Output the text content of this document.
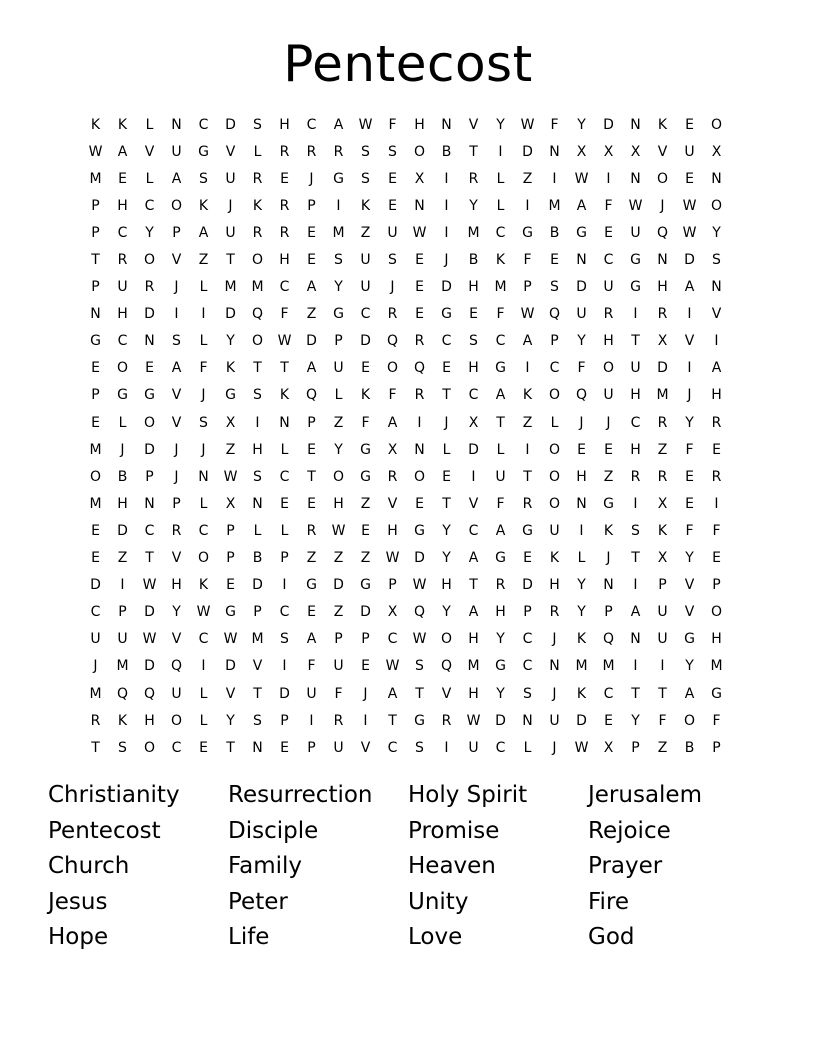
Pentecost
K	K	L	N	C	D	S	H	C	A	W	F	H	N	V	Y	W	F	Y	D	N	K	E	O
W	A	V	U	G	V	L	R	R	R	S	S	O	B	T	I	D	N	X	X	X	V	U	X
M	E	L	A	S	U	R	E	J	G	S	E	X	I	R	L	Z	I	W	I	N	O	E	N
P	H	C	O	K	J	K	R	P	I	K	E	N	I	Y	L	I	M	A	F	W	J	W	O
P	C	Y	P	A	U	R	R	E	M	Z	U	W	I	M	C	G	B	G	E	U	Q	W	Y
T	R	O	V	Z	T	O	H	E	S	U	S	E	J	B	K	F	E	N	C	G	N	D	S
P	U	R	J	L	M	M	C	A	Y	U	J	E	D	H	M	P	S	D	U	G	H	A	N
N	H	D	I	I	D	Q	F	Z	G	C	R	E	G	E	F	W	Q	U	R	I	R	I	V
G	C	N	S	L	Y	O	W	D	P	D	Q	R	C	S	C	A	P	Y	H	T	X	V	I
E	O	E	A	F	K	T	T	A	U	E	O	Q	E	H	G	I	C	F	O	U	D	I	A
P	G	G	V	J	G	S	K	Q	L	K	F	R	T	C	A	K	O	Q	U	H	M	J	H
E	L	O	V	S	X	I	N	P	Z	F	A	I	J	X	T	Z	L	J	J	C	R	Y	R
M	J	D	J	J	Z	H	L	E	Y	G	X	N	L	D	L	I	O	E	E	H	Z	F	E
O	B	P	J	N	W	S	C	T	O	G	R	O	E	I	U	T	O	H	Z	R	R	E	R
M	H	N	P	L	X	N	E	E	H	Z	V	E	T	V	F	R	O	N	G	I	X	E	I
E	D	C	R	C	P	L	L	R	W	E	H	G	Y	C	A	G	U	I	K	S	K	F	F
E	Z	T	V	O	P	B	P	Z	Z	Z	W	D	Y	A	G	E	K	L	J	T	X	Y	E
D	I	W	H	K	E	D	I	G	D	G	P	W	H	T	R	D	H	Y	N	I	P	V	P
C	P	D	Y	W	G	P	C	E	Z	D	X	Q	Y	A	H	P	R	Y	P	A	U	V	O
U	U	W	V	C	W	M	S	A	P	P	C	W	O	H	Y	C	J	K	Q	N	U	G	H
J	M	D	Q	I	D	V	I	F	U	E	W	S	Q	M	G	C	N	M	M	I	I	Y	M
M	Q	Q	U	L	V	T	D	U	F	J	A	T	V	H	Y	S	J	K	C	T	T	A	G
R	K	H	O	L	Y	S	P	I	R	I	T	G	R	W	D	N	U	D	E	Y	F	O	F
T	S	O	C	E	T	N	E	P	U	V	C	S	I	U	C	L	J	W	X	P	Z	B	P
Christianity	Resurrection	Holy Spirit	Jerusalem
Pentecost	Disciple	Promise	Rejoice
Church	Family	Heaven	Prayer
Jesus	Peter	Unity	Fire
Hope	Life	Love	God
